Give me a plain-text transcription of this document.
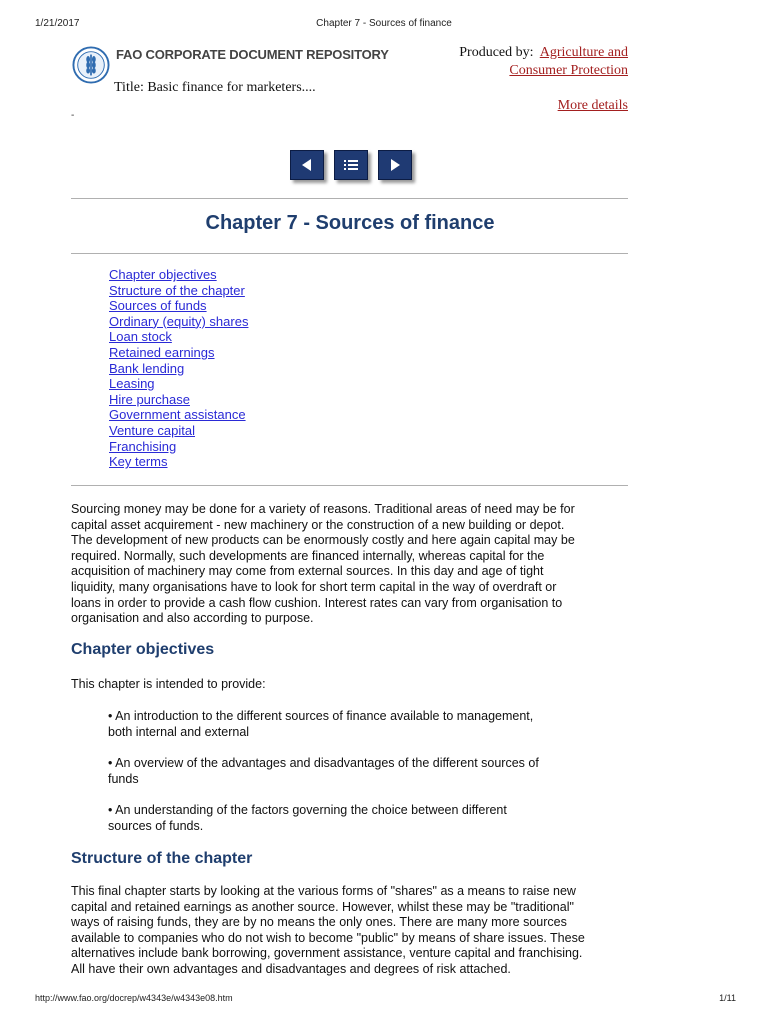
1/21/2017	Chapter 7 - Sources of finance
FAO CORPORATE DOCUMENT REPOSITORY
Title: Basic finance for marketers....
Produced by: Agriculture and
Consumer Protection
More details
-
Chapter 7 - Sources of finance
Chapter objectives
Structure of the chapter
Sources of funds
Ordinary (equity) shares
Loan stock
Retained earnings
Bank lending
Leasing
Hire purchase
Government assistance
Venture capital
Franchising
Key terms
Sourcing money may be done for a variety of reasons. Traditional areas of need may be for
capital asset acquirement - new machinery or the construction of a new building or depot.
The development of new products can be enormously costly and here again capital may be
required. Normally, such developments are financed internally, whereas capital for the
acquisition of machinery may come from external sources. In this day and age of tight
liquidity, many organisations have to look for short term capital in the way of overdraft or
loans in order to provide a cash flow cushion. Interest rates can vary from organisation to
organisation and also according to purpose.
Chapter objectives
This chapter is intended to provide:
• An introduction to the different sources of finance available to management,
both internal and external
• An overview of the advantages and disadvantages of the different sources of
funds
• An understanding of the factors governing the choice between different
sources of funds.
Structure of the chapter
This final chapter starts by looking at the various forms of "shares" as a means to raise new
capital and retained earnings as another source. However, whilst these may be "traditional"
ways of raising funds, they are by no means the only ones. There are many more sources
available to companies who do not wish to become "public" by means of share issues. These
alternatives include bank borrowing, government assistance, venture capital and franchising.
All have their own advantages and disadvantages and degrees of risk attached.
http://www.fao.org/docrep/w4343e/w4343e08.htm	1/11
